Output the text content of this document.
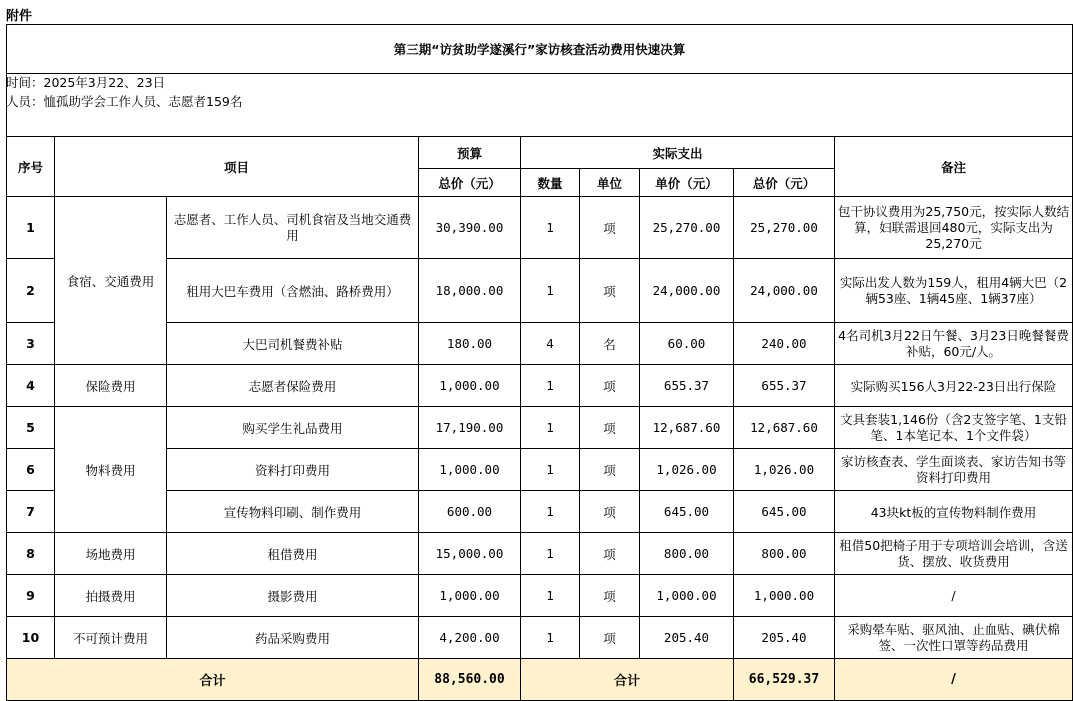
附件
第三期“访贫助学遂溪行”家访核查活动费用快速决算								

序号	项目		预算	实际支出				备注
			总价（元）	数量	单位	单价（元）	总价（元）	
1	食宿、交通费用	志愿者、工作人员、司机食宿及当地交通费用	30,390.00	1	项	25,270.00	25,270.00	包干协议费用为25,750元，按实际人数结算，妇联需退回480元，实际支出为25,270元
2		租用大巴车费用（含燃油、路桥费用）	18,000.00	1	项	24,000.00	24,000.00	实际出发人数为159人，租用4辆大巴（2辆53座、1辆45座、1辆37座）
3		大巴司机餐费补贴	180.00	4	名	60.00	240.00	4名司机3月22日午餐、3月23日晚餐餐费补贴，60元/人。
4	保险费用	志愿者保险费用	1,000.00	1	项	655.37	655.37	实际购买156人3月22-23日出行保险
5	物料费用	购买学生礼品费用	17,190.00	1	项	12,687.60	12,687.60	文具套装1,146份（含2支签字笔、1支铅笔、1本笔记本、1个文件袋）
6		资料打印费用	1,000.00	1	项	1,026.00	1,026.00	家访核查表、学生面谈表、家访告知书等资料打印费用
7		宣传物料印刷、制作费用	600.00	1	项	645.00	645.00	43块kt板的宣传物料制作费用
8	场地费用	租借费用	15,000.00	1	项	800.00	800.00	租借50把椅子用于专项培训会培训，含送货、摆放、收货费用
9	拍摄费用	摄影费用	1,000.00	1	项	1,000.00	1,000.00	/
10	不可预计费用	药品采购费用	4,200.00	1	项	205.40	205.40	采购晕车贴、驱风油、止血贴、碘伏棉签、一次性口罩等药品费用
合计			88,560.00	合计			66,529.37	/
时间：2025年3月22、23日
人员：恤孤助学会工作人员、志愿者159名
